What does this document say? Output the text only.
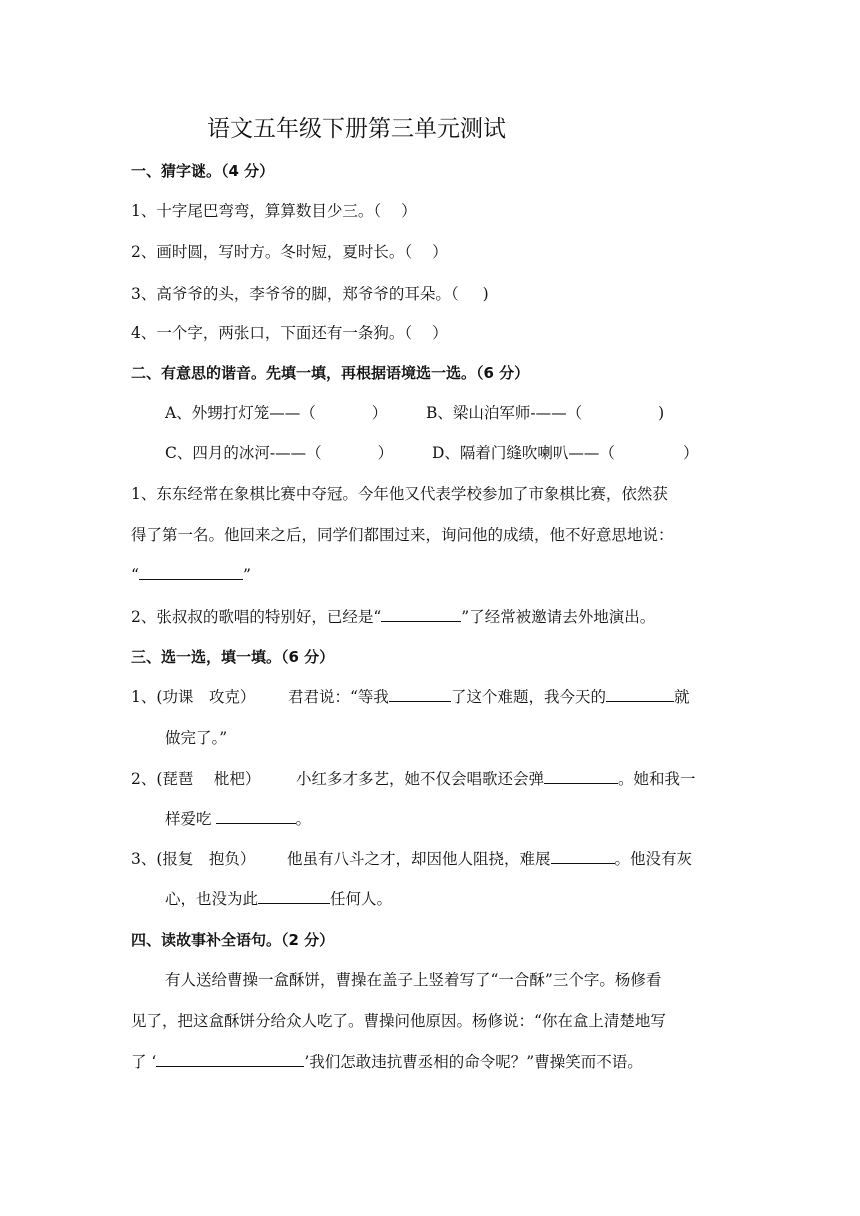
语文五年级下册第三单元测试
一、猜字谜。（4 分）
1、十字尾巴弯弯，算算数目少三。（ ）
2、画时圆，写时方。冬时短，夏时长。（ ）
3、高爷爷的头，李爷爷的脚，郑爷爷的耳朵。（ )
4、一个字，两张口，下面还有一条狗。（ ）
二、有意思的谐音。先填一填，再根据语境选一选。（6 分）
A、外甥打灯笼——（	）	B、梁山泊军师-——（	)
C、四月的冰河-——（	）	D、隔着门缝吹喇叭——（	）
1、东东经常在象棋比赛中夺冠。今年他又代表学校参加了市象棋比赛，依然获
得了第一名。他回来之后，同学们都围过来，询问他的成绩，他不好意思地说：
“	”
2、张叔叔的歌唱的特别好，已经是“	”了经常被邀请去外地演出。
三、选一选，填一填。（6 分）
1、(功课　攻克） 君君说：“等我	了这个难题，我今天的	就
做完了。”
2、(琵琶　 枇杷） 小红多才多艺，她不仅会唱歌还会弹	。她和我一
样爱吃	。
3、(报复　抱负） 他虽有八斗之才，却因他人阻挠，难展	。他没有灰
心，也没为此	任何人。
四、读故事补全语句。（2 分）
有人送给曹操一盒酥饼，曹操在盖子上竖着写了“一合酥”三个字。杨修看
见了，把这盒酥饼分给众人吃了。曹操问他原因。杨修说：“你在盒上清楚地写
了 ‘	’我们怎敢违抗曹丞相的命令呢？”曹操笑而不语。
